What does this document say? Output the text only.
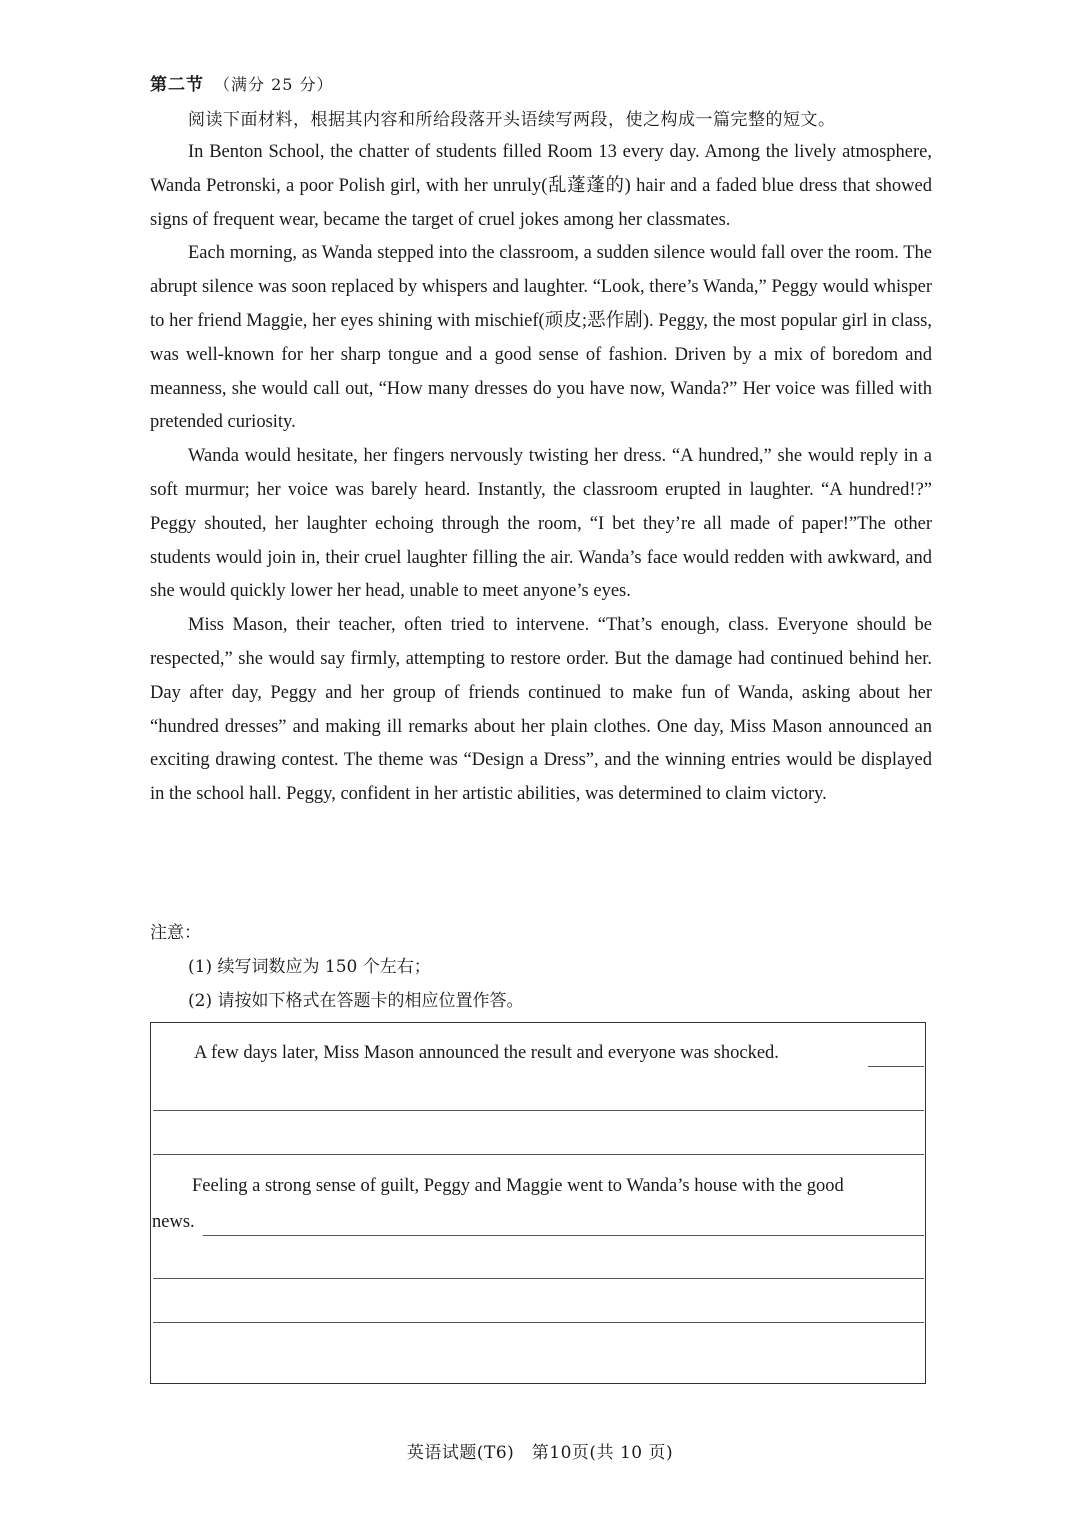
第二节 （满分 25 分）
阅读下面材料，根据其内容和所给段落开头语续写两段，使之构成一篇完整的短文。

In Benton School, the chatter of students filled Room 13 every day. Among the lively atmosphere, Wanda Petronski, a poor Polish girl, with her unruly(乱蓬蓬的) hair and a faded blue dress that showed signs of frequent wear, became the target of cruel jokes among her classmates.

Each morning, as Wanda stepped into the classroom, a sudden silence would fall over the room. The abrupt silence was soon replaced by whispers and laughter. “Look, there’s Wanda,” Peggy would whisper to her friend Maggie, her eyes shining with mischief(顽皮;恶作剧). Peggy, the most popular girl in class, was well-known for her sharp tongue and a good sense of fashion. Driven by a mix of boredom and meanness, she would call out, “How many dresses do you have now, Wanda?” Her voice was filled with pretended curiosity.

Wanda would hesitate, her fingers nervously twisting her dress. “A hundred,” she would reply in a soft murmur; her voice was barely heard. Instantly, the classroom erupted in laughter. “A hundred!?” Peggy shouted, her laughter echoing through the room, “I bet they’re all made of paper!”The other students would join in, their cruel laughter filling the air. Wanda’s face would redden with awkward, and she would quickly lower her head, unable to meet anyone’s eyes.

Miss Mason, their teacher, often tried to intervene. “That’s enough, class. Everyone should be respected,” she would say firmly, attempting to restore order. But the damage had continued behind her. Day after day, Peggy and her group of friends continued to make fun of Wanda, asking about her “hundred dresses” and making ill remarks about her plain clothes. One day, Miss Mason announced an exciting drawing contest. The theme was “Design a Dress”, and the winning entries would be displayed in the school hall. Peggy, confident in her artistic abilities, was determined to claim victory.

注意：
(1) 续写词数应为 150 个左右；
(2) 请按如下格式在答题卡的相应位置作答。
A few days later, Miss Mason announced the result and everyone was shocked.
Feeling a strong sense of guilt, Peggy and Maggie went to Wanda’s house with the good
news.
英语试题(T6)　第10页(共 10 页)
